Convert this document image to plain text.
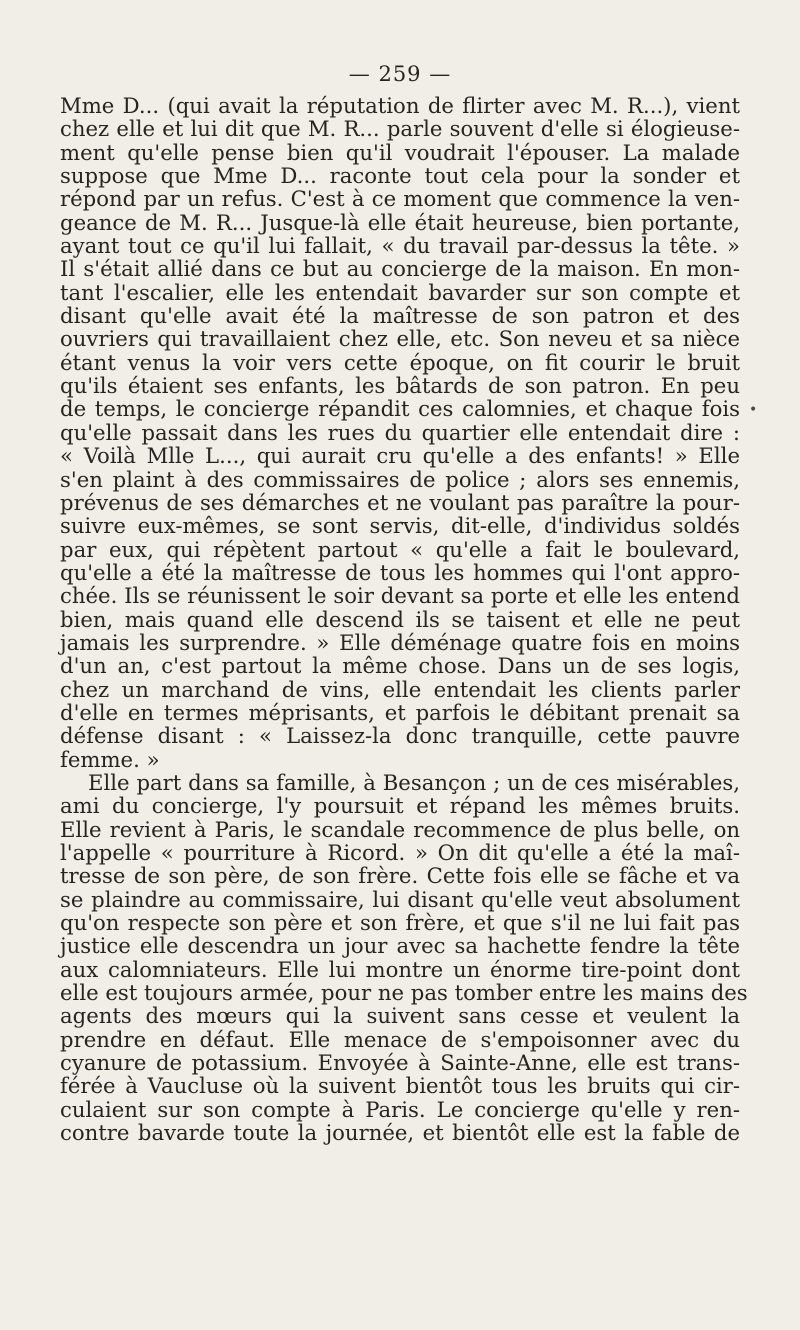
— 259 —
Mme D... (qui avait la réputation de flirter avec M. R...), vient
chez elle et lui dit que M. R... parle souvent d'elle si élogieuse-
ment qu'elle pense bien qu'il voudrait l'épouser. La malade
suppose que Mme D... raconte tout cela pour la sonder et
répond par un refus. C'est à ce moment que commence la ven-
geance de M. R... Jusque-là elle était heureuse, bien portante,
ayant tout ce qu'il lui fallait, « du travail par-dessus la tête. »
Il s'était allié dans ce but au concierge de la maison. En mon-
tant l'escalier, elle les entendait bavarder sur son compte et
disant qu'elle avait été la maîtresse de son patron et des
ouvriers qui travaillaient chez elle, etc. Son neveu et sa nièce
étant venus la voir vers cette époque, on fit courir le bruit
qu'ils étaient ses enfants, les bâtards de son patron. En peu
de temps, le concierge répandit ces calomnies, et chaque fois
qu'elle passait dans les rues du quartier elle entendait dire :
« Voilà Mlle L..., qui aurait cru qu'elle a des enfants! » Elle
s'en plaint à des commissaires de police ; alors ses ennemis,
prévenus de ses démarches et ne voulant pas paraître la pour-
suivre eux-mêmes, se sont servis, dit-elle, d'individus soldés
par eux, qui répètent partout « qu'elle a fait le boulevard,
qu'elle a été la maîtresse de tous les hommes qui l'ont appro-
chée. Ils se réunissent le soir devant sa porte et elle les entend
bien, mais quand elle descend ils se taisent et elle ne peut
jamais les surprendre. » Elle déménage quatre fois en moins
d'un an, c'est partout la même chose. Dans un de ses logis,
chez un marchand de vins, elle entendait les clients parler
d'elle en termes méprisants, et parfois le débitant prenait sa
défense disant : « Laissez-la donc tranquille, cette pauvre
femme. »
Elle part dans sa famille, à Besançon ; un de ces misérables,
ami du concierge, l'y poursuit et répand les mêmes bruits.
Elle revient à Paris, le scandale recommence de plus belle, on
l'appelle « pourriture à Ricord. » On dit qu'elle a été la maî-
tresse de son père, de son frère. Cette fois elle se fâche et va
se plaindre au commissaire, lui disant qu'elle veut absolument
qu'on respecte son père et son frère, et que s'il ne lui fait pas
justice elle descendra un jour avec sa hachette fendre la tête
aux calomniateurs. Elle lui montre un énorme tire-point dont
elle est toujours armée, pour ne pas tomber entre les mains des
agents des mœurs qui la suivent sans cesse et veulent la
prendre en défaut. Elle menace de s'empoisonner avec du
cyanure de potassium. Envoyée à Sainte-Anne, elle est trans-
férée à Vaucluse où la suivent bientôt tous les bruits qui cir-
culaient sur son compte à Paris. Le concierge qu'elle y ren-
contre bavarde toute la journée, et bientôt elle est la fable de
•
